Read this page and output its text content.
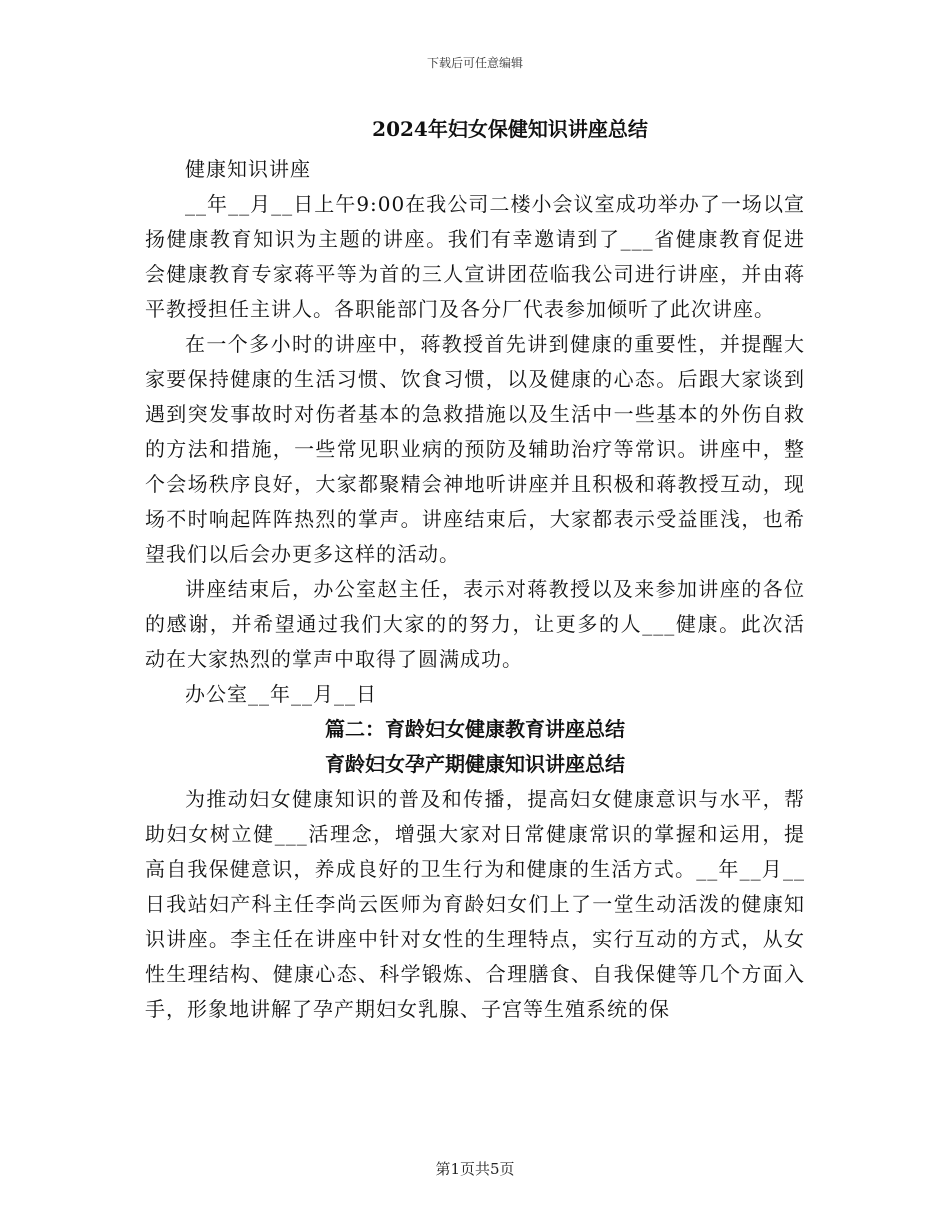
下载后可任意编辑
2024年妇女保健知识讲座总结

健康知识讲座

__年__月__日上午9:00在我公司二楼小会议室成功举办了一场以宣扬健康教育知识为主题的讲座。我们有幸邀请到了___省健康教育促进会健康教育专家蒋平等为首的三人宣讲团莅临我公司进行讲座，并由蒋平教授担任主讲人。各职能部门及各分厂代表参加倾听了此次讲座。

在一个多小时的讲座中，蒋教授首先讲到健康的重要性，并提醒大家要保持健康的生活习惯、饮食习惯，以及健康的心态。后跟大家谈到遇到突发事故时对伤者基本的急救措施以及生活中一些基本的外伤自救的方法和措施，一些常见职业病的预防及辅助治疗等常识。讲座中，整个会场秩序良好，大家都聚精会神地听讲座并且积极和蒋教授互动，现场不时响起阵阵热烈的掌声。讲座结束后，大家都表示受益匪浅，也希望我们以后会办更多这样的活动。

讲座结束后，办公室赵主任，表示对蒋教授以及来参加讲座的各位的感谢，并希望通过我们大家的的努力，让更多的人___健康。此次活动在大家热烈的掌声中取得了圆满成功。

办公室__年__月__日

篇二：育龄妇女健康教育讲座总结
育龄妇女孕产期健康知识讲座总结

为推动妇女健康知识的普及和传播，提高妇女健康意识与水平，帮助妇女树立健___活理念，增强大家对日常健康常识的掌握和运用，提高自我保健意识，养成良好的卫生行为和健康的生活方式。__年__月__日我站妇产科主任李尚云医师为育龄妇女们上了一堂生动活泼的健康知识讲座。李主任在讲座中针对女性的生理特点，实行互动的方式，从女性生理结构、健康心态、科学锻炼、合理膳食、自我保健等几个方面入手，形象地讲解了孕产期妇女乳腺、子宫等生殖系统的保

第1页共5页
